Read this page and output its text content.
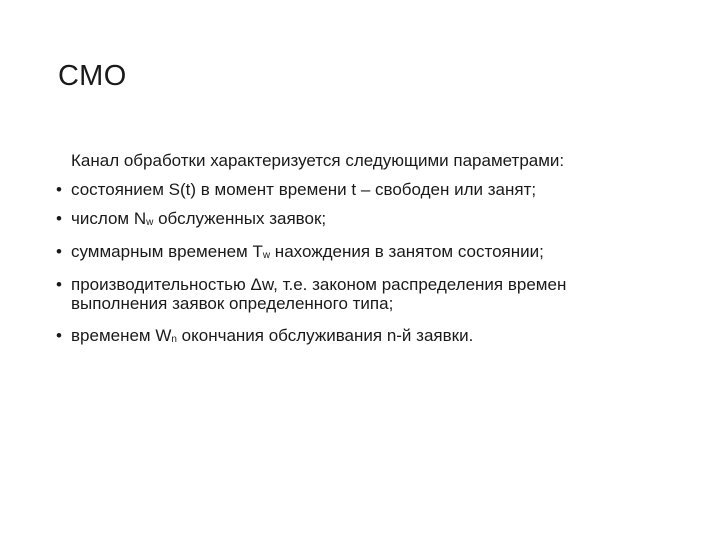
СМО
Канал обработки характеризуется следующими параметрами:
• состоянием S(t) в момент времени t – свободен или занят;
• числом Nw обслуженных заявок;
• суммарным временем Tw нахождения в занятом состоянии;
• производительностью Δw, т.е. законом распределения времен
выполнения заявок определенного типа;
• временем Wn окончания обслуживания n-й заявки.
